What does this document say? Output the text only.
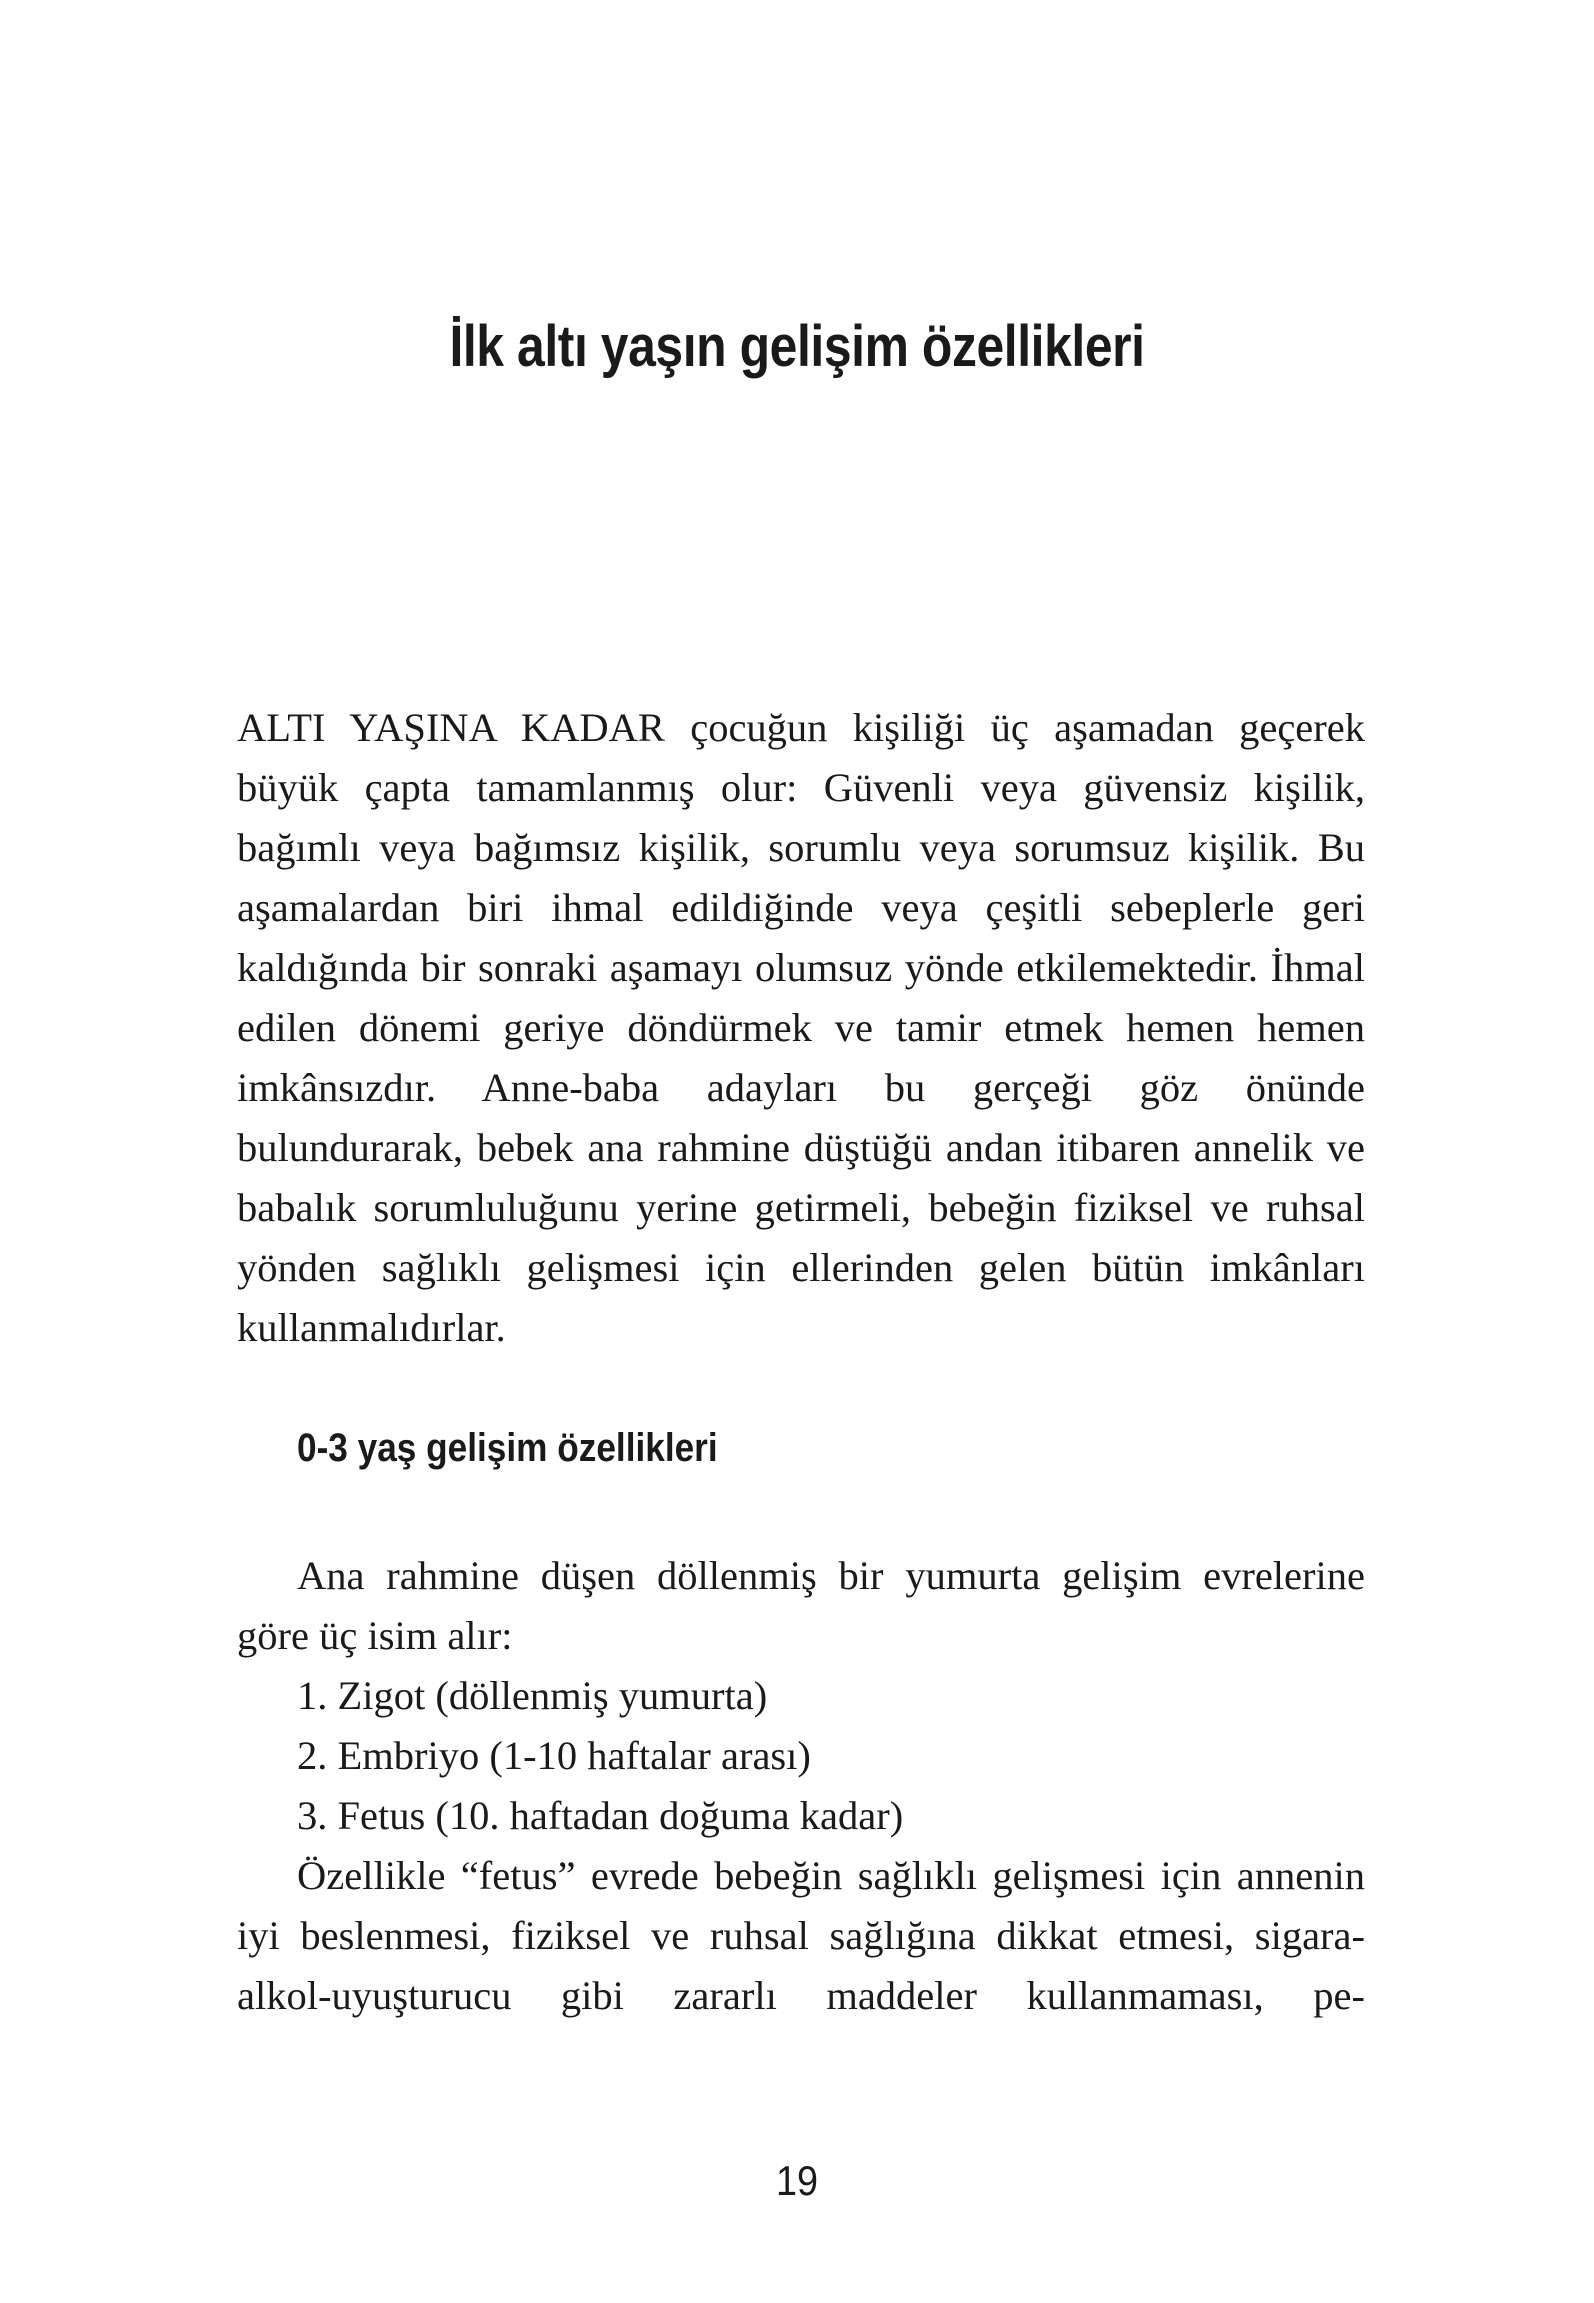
İlk altı yaşın gelişim özellikleri

ALTI YAŞINA KADAR çocuğun kişiliği üç aşamadan geçerek büyük çapta tamamlanmış olur: Güvenli veya güvensiz kişilik, bağımlı veya bağımsız kişilik, sorumlu veya sorumsuz kişilik. Bu aşamalardan biri ihmal edildiğinde veya çeşitli sebeplerle geri kaldığında bir sonraki aşamayı olumsuz yönde etkilemektedir. İhmal edilen dönemi geriye döndürmek ve tamir etmek hemen hemen imkânsızdır. Anne-baba adayları bu gerçeği göz önünde bulundurarak, bebek ana rahmine düştüğü andan itibaren annelik ve babalık sorumluluğunu yerine getirmeli, bebeğin fiziksel ve ruhsal yönden sağlıklı gelişmesi için ellerinden gelen bütün imkânları kullanmalıdırlar.

0-3 yaş gelişim özellikleri

Ana rahmine düşen döllenmiş bir yumurta gelişim evrelerine göre üç isim alır:

1. Zigot (döllenmiş yumurta)

2. Embriyo (1-10 haftalar arası)

3. Fetus (10. haftadan doğuma kadar)

Özellikle “fetus” evrede bebeğin sağlıklı gelişmesi için annenin iyi beslenmesi, fiziksel ve ruhsal sağlığına dikkat etmesi, sigara-alkol-uyuşturucu gibi zararlı maddeler kullanmaması, pe-

19
